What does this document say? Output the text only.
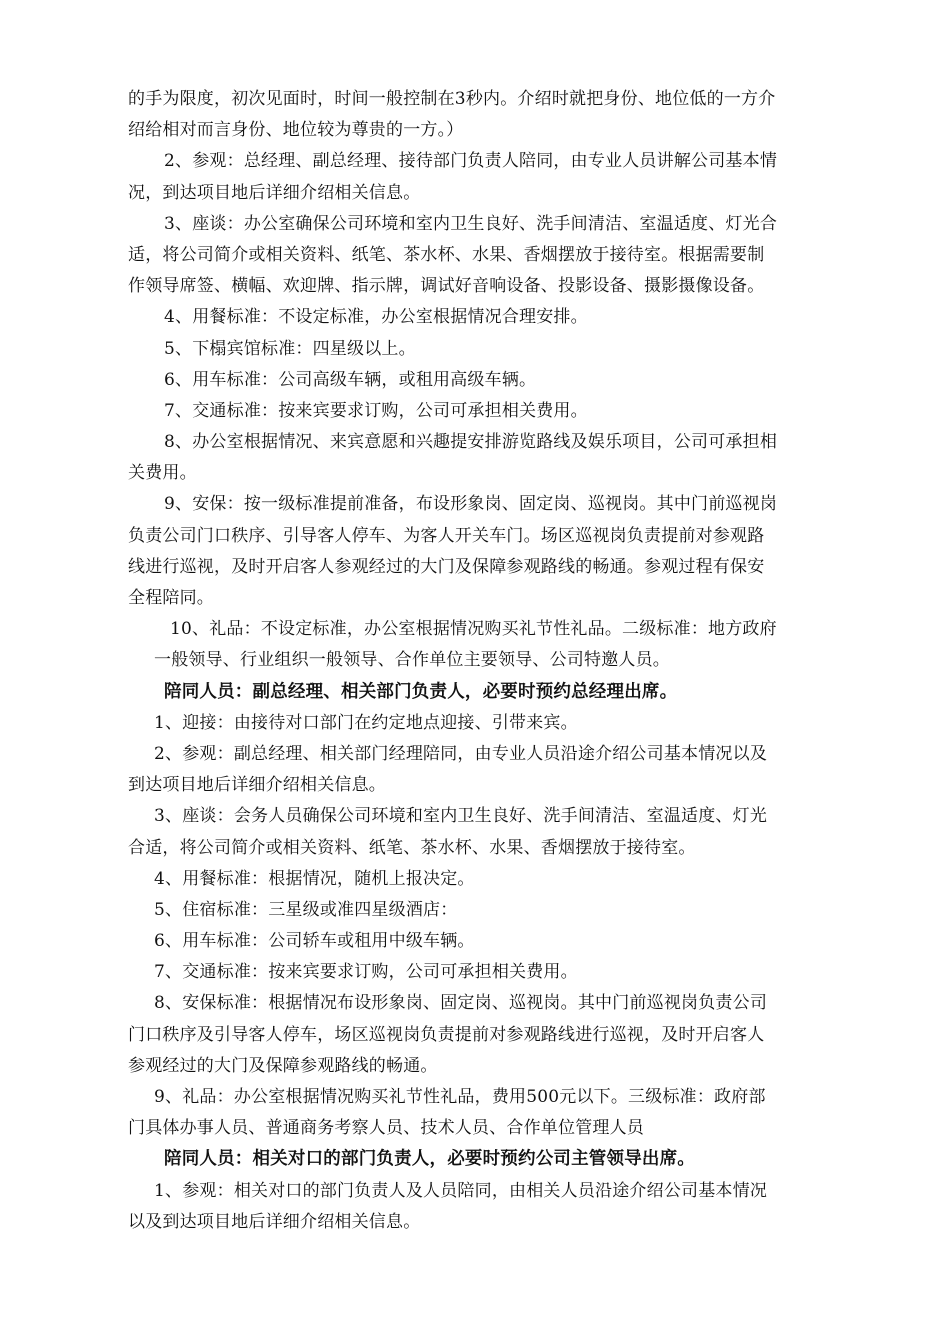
的手为限度，初次见面时，时间一般控制在3秒内。介绍时就把身份、地位低的一方介
绍给相对而言身份、地位较为尊贵的一方。）
2、参观：总经理、副总经理、接待部门负责人陪同，由专业人员讲解公司基本情
况，到达项目地后详细介绍相关信息。
3、座谈：办公室确保公司环境和室内卫生良好、洗手间清洁、室温适度、灯光合
适，将公司简介或相关资料、纸笔、茶水杯、水果、香烟摆放于接待室。根据需要制
作领导席签、横幅、欢迎牌、指示牌，调试好音响设备、投影设备、摄影摄像设备。
4、用餐标准：不设定标准，办公室根据情况合理安排。
5、下榻宾馆标准：四星级以上。
6、用车标准：公司高级车辆，或租用高级车辆。
7、交通标准：按来宾要求订购，公司可承担相关费用。
8、办公室根据情况、来宾意愿和兴趣提安排游览路线及娱乐项目，公司可承担相
关费用。
9、安保：按一级标准提前准备，布设形象岗、固定岗、巡视岗。其中门前巡视岗
负责公司门口秩序、引导客人停车、为客人开关车门。场区巡视岗负责提前对参观路
线进行巡视，及时开启客人参观经过的大门及保障参观路线的畅通。参观过程有保安
全程陪同。
10、礼品：不设定标准，办公室根据情况购买礼节性礼品。二级标准：地方政府
一般领导、行业组织一般领导、合作单位主要领导、公司特邀人员。
陪同人员：副总经理、相关部门负责人，必要时预约总经理出席。
1、迎接：由接待对口部门在约定地点迎接、引带来宾。
2、参观：副总经理、相关部门经理陪同，由专业人员沿途介绍公司基本情况以及
到达项目地后详细介绍相关信息。
3、座谈：会务人员确保公司环境和室内卫生良好、洗手间清洁、室温适度、灯光
合适，将公司简介或相关资料、纸笔、茶水杯、水果、香烟摆放于接待室。
4、用餐标准：根据情况，随机上报决定。
5、住宿标准：三星级或准四星级酒店：
6、用车标准：公司轿车或租用中级车辆。
7、交通标准：按来宾要求订购，公司可承担相关费用。
8、安保标准：根据情况布设形象岗、固定岗、巡视岗。其中门前巡视岗负责公司
门口秩序及引导客人停车，场区巡视岗负责提前对参观路线进行巡视，及时开启客人
参观经过的大门及保障参观路线的畅通。
9、礼品：办公室根据情况购买礼节性礼品，费用500元以下。三级标准：政府部
门具体办事人员、普通商务考察人员、技术人员、合作单位管理人员
陪同人员：相关对口的部门负责人，必要时预约公司主管领导出席。
1、参观：相关对口的部门负责人及人员陪同，由相关人员沿途介绍公司基本情况
以及到达项目地后详细介绍相关信息。
